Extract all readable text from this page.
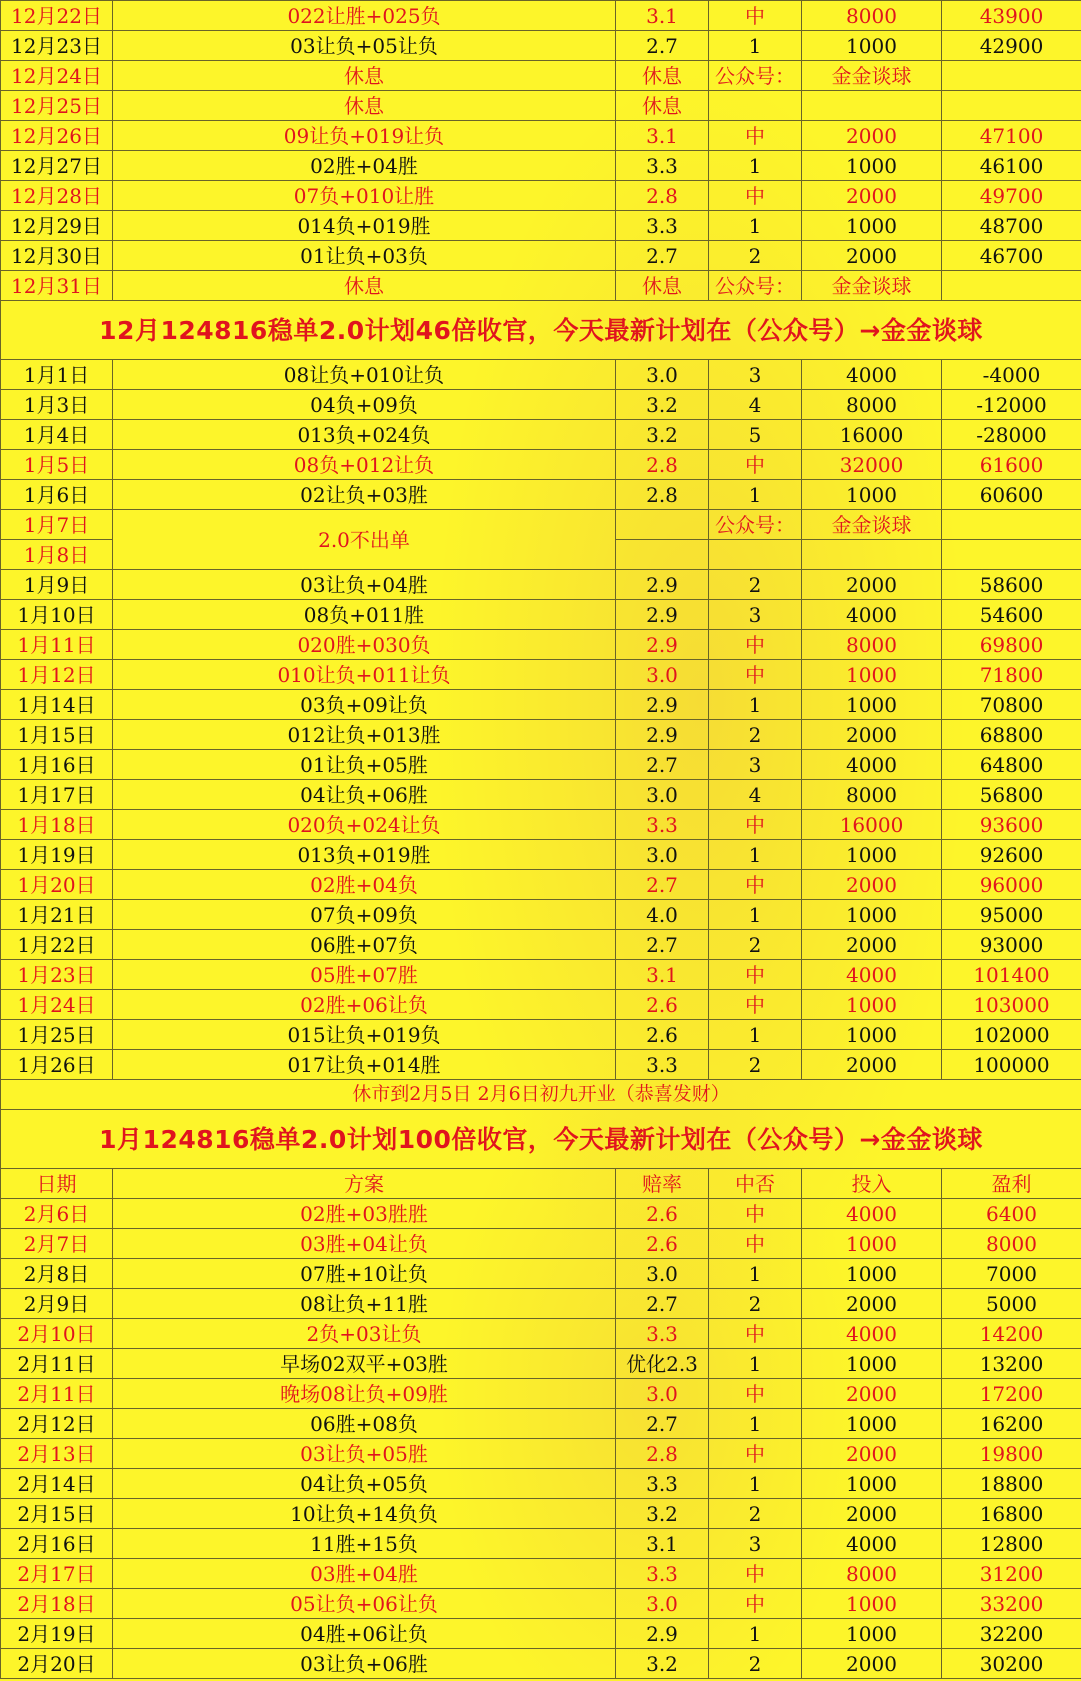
12月22日	022让胜+025负	3.1	中	8000	43900
12月23日	03让负+05让负	2.7	1	1000	42900
12月24日	休息	休息	公众号：	金金谈球	
12月25日	休息	休息			
12月26日	09让负+019让负	3.1	中	2000	47100
12月27日	02胜+04胜	3.3	1	1000	46100
12月28日	07负+010让胜	2.8	中	2000	49700
12月29日	014负+019胜	3.3	1	1000	48700
12月30日	01让负+03负	2.7	2	2000	46700
12月31日	休息	休息	公众号：	金金谈球	
12月124816稳单2.0计划46倍收官，今天最新计划在（公众号）→金金谈球					
1月1日	08让负+010让负	3.0	3	4000	-4000
1月3日	04负+09负	3.2	4	8000	-12000
1月4日	013负+024负	3.2	5	16000	-28000
1月5日	08负+012让负	2.8	中	32000	61600
1月6日	02让负+03胜	2.8	1	1000	60600
1月7日	2.0不出单		公众号：	金金谈球	
1月8日					
1月9日	03让负+04胜	2.9	2	2000	58600
1月10日	08负+011胜	2.9	3	4000	54600
1月11日	020胜+030负	2.9	中	8000	69800
1月12日	010让负+011让负	3.0	中	1000	71800
1月14日	03负+09让负	2.9	1	1000	70800
1月15日	012让负+013胜	2.9	2	2000	68800
1月16日	01让负+05胜	2.7	3	4000	64800
1月17日	04让负+06胜	3.0	4	8000	56800
1月18日	020负+024让负	3.3	中	16000	93600
1月19日	013负+019胜	3.0	1	1000	92600
1月20日	02胜+04负	2.7	中	2000	96000
1月21日	07负+09负	4.0	1	1000	95000
1月22日	06胜+07负	2.7	2	2000	93000
1月23日	05胜+07胜	3.1	中	4000	101400
1月24日	02胜+06让负	2.6	中	1000	103000
1月25日	015让负+019负	2.6	1	1000	102000
1月26日	017让负+014胜	3.3	2	2000	100000
休市到2月5日 2月6日初九开业（恭喜发财）					
1月124816稳单2.0计划100倍收官，今天最新计划在（公众号）→金金谈球					
日期	方案	赔率	中否	投入	盈利
2月6日	02胜+03胜胜	2.6	中	4000	6400
2月7日	03胜+04让负	2.6	中	1000	8000
2月8日	07胜+10让负	3.0	1	1000	7000
2月9日	08让负+11胜	2.7	2	2000	5000
2月10日	2负+03让负	3.3	中	4000	14200
2月11日	早场02双平+03胜	优化2.3	1	1000	13200
2月11日	晚场08让负+09胜	3.0	中	2000	17200
2月12日	06胜+08负	2.7	1	1000	16200
2月13日	03让负+05胜	2.8	中	2000	19800
2月14日	04让负+05负	3.3	1	1000	18800
2月15日	10让负+14负负	3.2	2	2000	16800
2月16日	11胜+15负	3.1	3	4000	12800
2月17日	03胜+04胜	3.3	中	8000	31200
2月18日	05让负+06让负	3.0	中	1000	33200
2月19日	04胜+06让负	2.9	1	1000	32200
2月20日	03让负+06胜	3.2	2	2000	30200
